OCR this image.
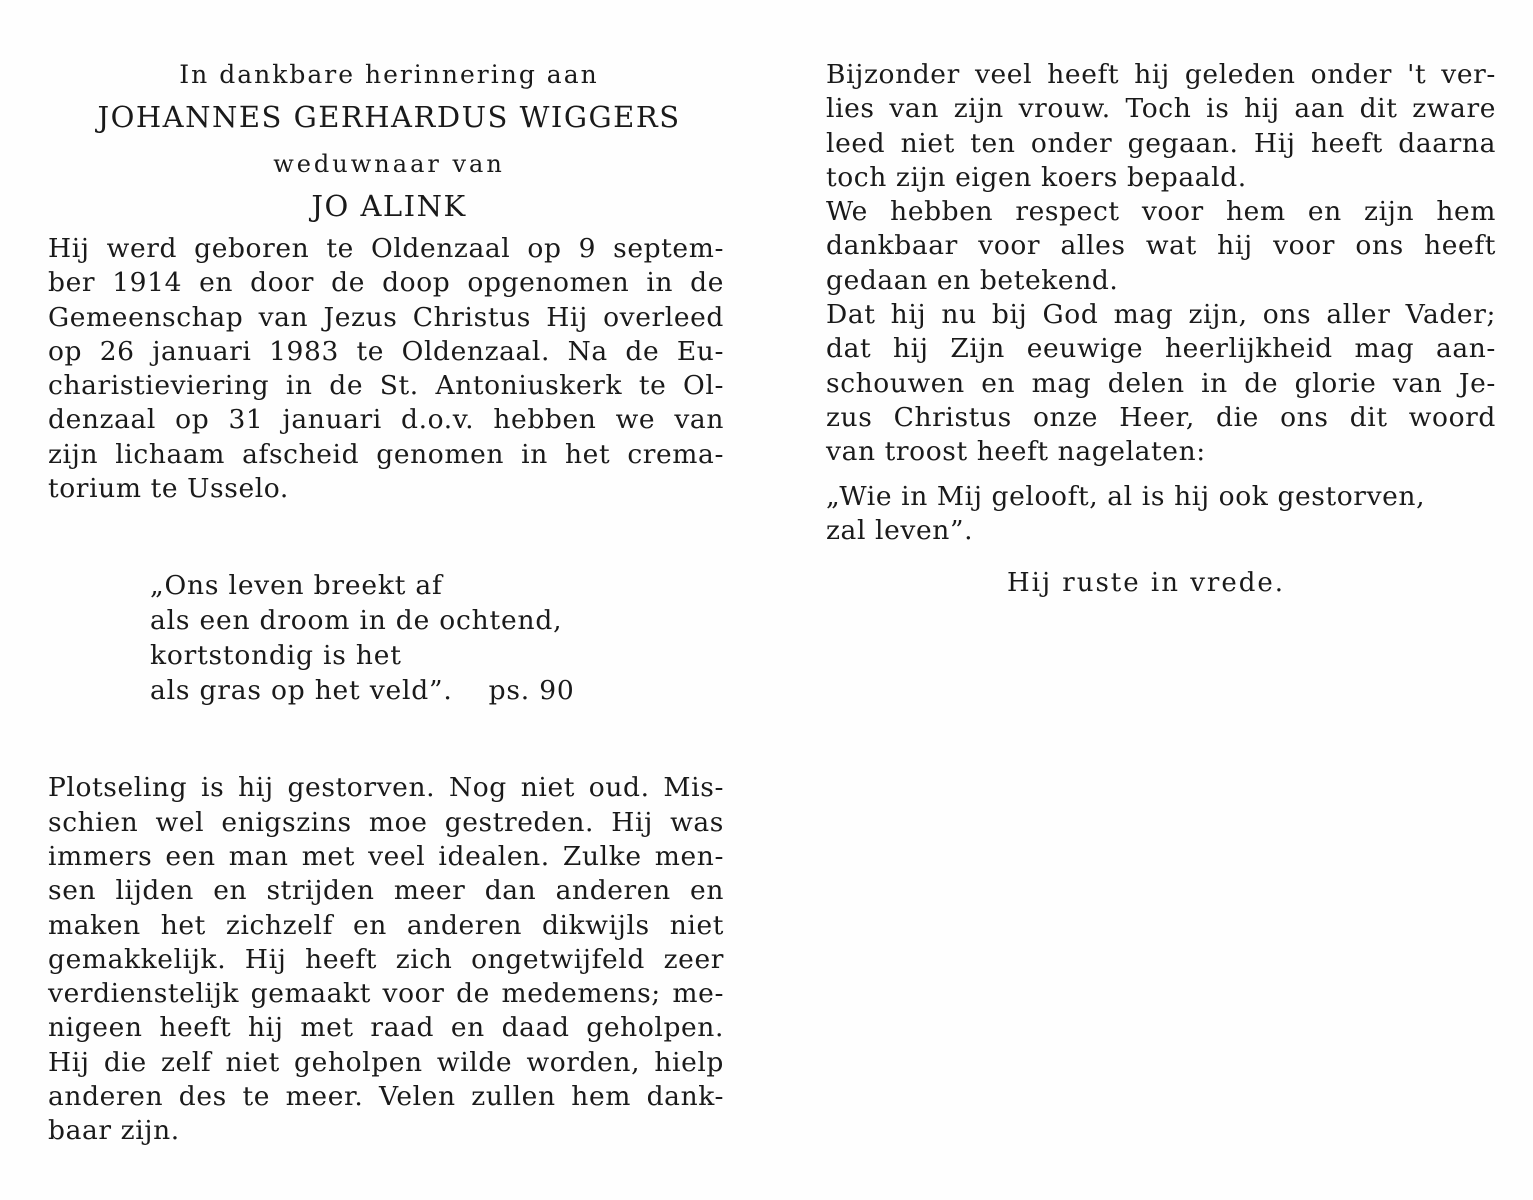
In dankbare herinnering aan
JOHANNES GERHARDUS WIGGERS
weduwnaar van
JO ALINK
Hij werd geboren te Oldenzaal op 9 septem-
ber 1914 en door de doop opgenomen in de
Gemeenschap van Jezus Christus Hij overleed
op 26 januari 1983 te Oldenzaal. Na de Eu-
charistieviering in de St. Antoniuskerk te Ol-
denzaal op 31 januari d.o.v. hebben we van
zijn lichaam afscheid genomen in het crema-
torium te Usselo.
„Ons leven breekt af
als een droom in de ochtend,
kortstondig is het
als gras op het veld”. ps. 90
Plotseling is hij gestorven. Nog niet oud. Mis-
schien wel enigszins moe gestreden. Hij was
immers een man met veel idealen. Zulke men-
sen lijden en strijden meer dan anderen en
maken het zichzelf en anderen dikwijls niet
gemakkelijk. Hij heeft zich ongetwijfeld zeer
verdienstelijk gemaakt voor de medemens; me-
nigeen heeft hij met raad en daad geholpen.
Hij die zelf niet geholpen wilde worden, hielp
anderen des te meer. Velen zullen hem dank-
baar zijn.
Bijzonder veel heeft hij geleden onder 't ver-
lies van zijn vrouw. Toch is hij aan dit zware
leed niet ten onder gegaan. Hij heeft daarna
toch zijn eigen koers bepaald.
We hebben respect voor hem en zijn hem
dankbaar voor alles wat hij voor ons heeft
gedaan en betekend.
Dat hij nu bij God mag zijn, ons aller Vader;
dat hij Zijn eeuwige heerlijkheid mag aan-
schouwen en mag delen in de glorie van Je-
zus Christus onze Heer, die ons dit woord
van troost heeft nagelaten:
„Wie in Mij gelooft, al is hij ook gestorven,
zal leven”.
Hij ruste in vrede.
